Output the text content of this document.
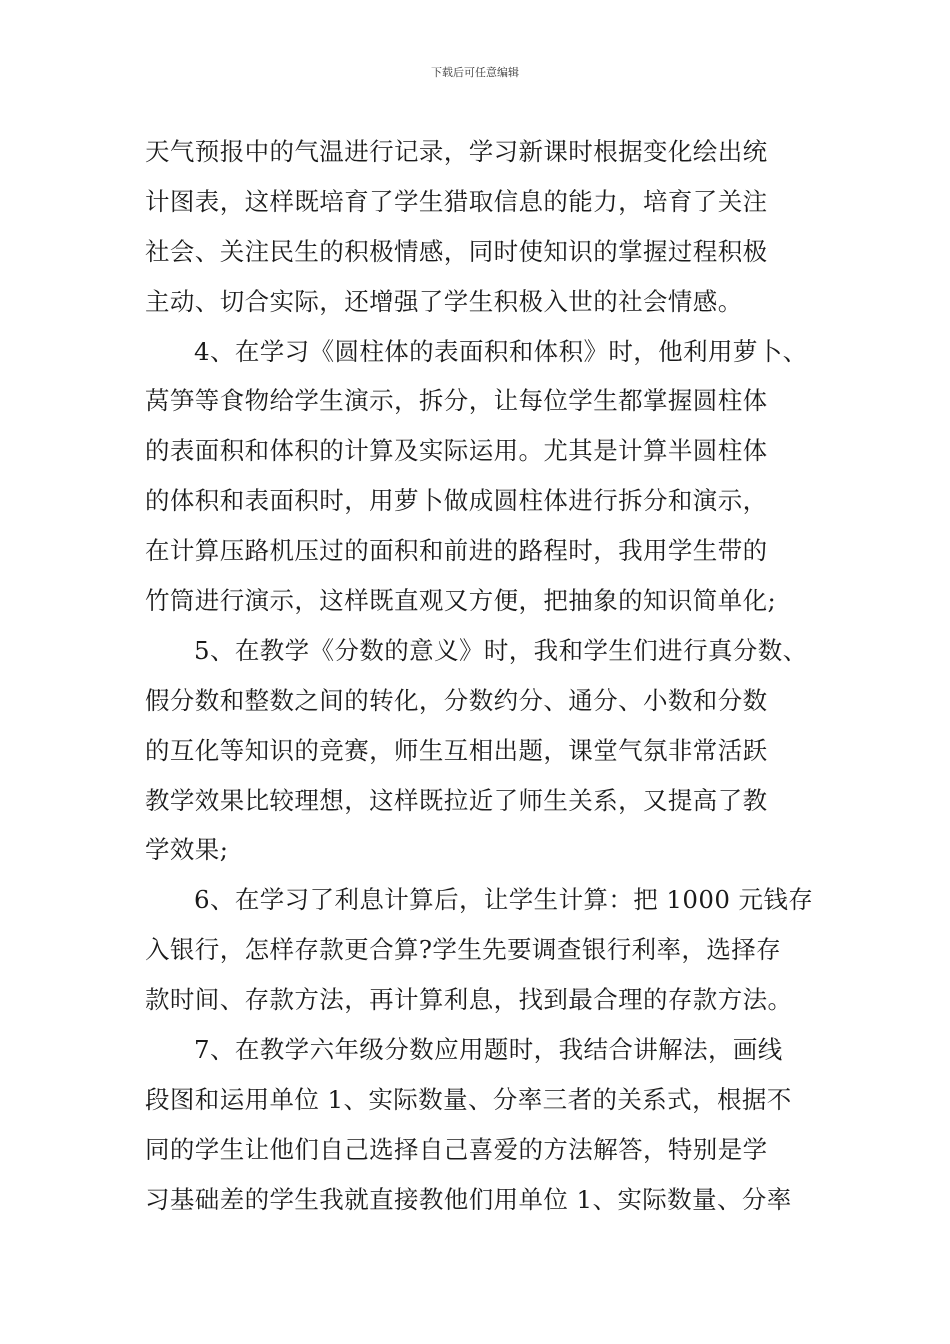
下载后可任意编辑
天气预报中的气温进行记录，学习新课时根据变化绘出统
计图表，这样既培育了学生猎取信息的能力，培育了关注
社会、关注民生的积极情感，同时使知识的掌握过程积极
主动、切合实际，还增强了学生积极入世的社会情感。
4、在学习《圆柱体的表面积和体积》时，他利用萝卜、
莴笋等食物给学生演示，拆分，让每位学生都掌握圆柱体
的表面积和体积的计算及实际运用。尤其是计算半圆柱体
的体积和表面积时，用萝卜做成圆柱体进行拆分和演示，
在计算压路机压过的面积和前进的路程时，我用学生带的
竹筒进行演示，这样既直观又方便，把抽象的知识简单化;
5、在教学《分数的意义》时，我和学生们进行真分数、
假分数和整数之间的转化，分数约分、通分、小数和分数
的互化等知识的竞赛，师生互相出题，课堂气氛非常活跃
教学效果比较理想，这样既拉近了师生关系，又提高了教
学效果;
6、在学习了利息计算后，让学生计算：把 1000 元钱存
入银行，怎样存款更合算?学生先要调查银行利率，选择存
款时间、存款方法，再计算利息，找到最合理的存款方法。
7、在教学六年级分数应用题时，我结合讲解法，画线
段图和运用单位 1、实际数量、分率三者的关系式，根据不
同的学生让他们自己选择自己喜爱的方法解答，特别是学
习基础差的学生我就直接教他们用单位 1、实际数量、分率
